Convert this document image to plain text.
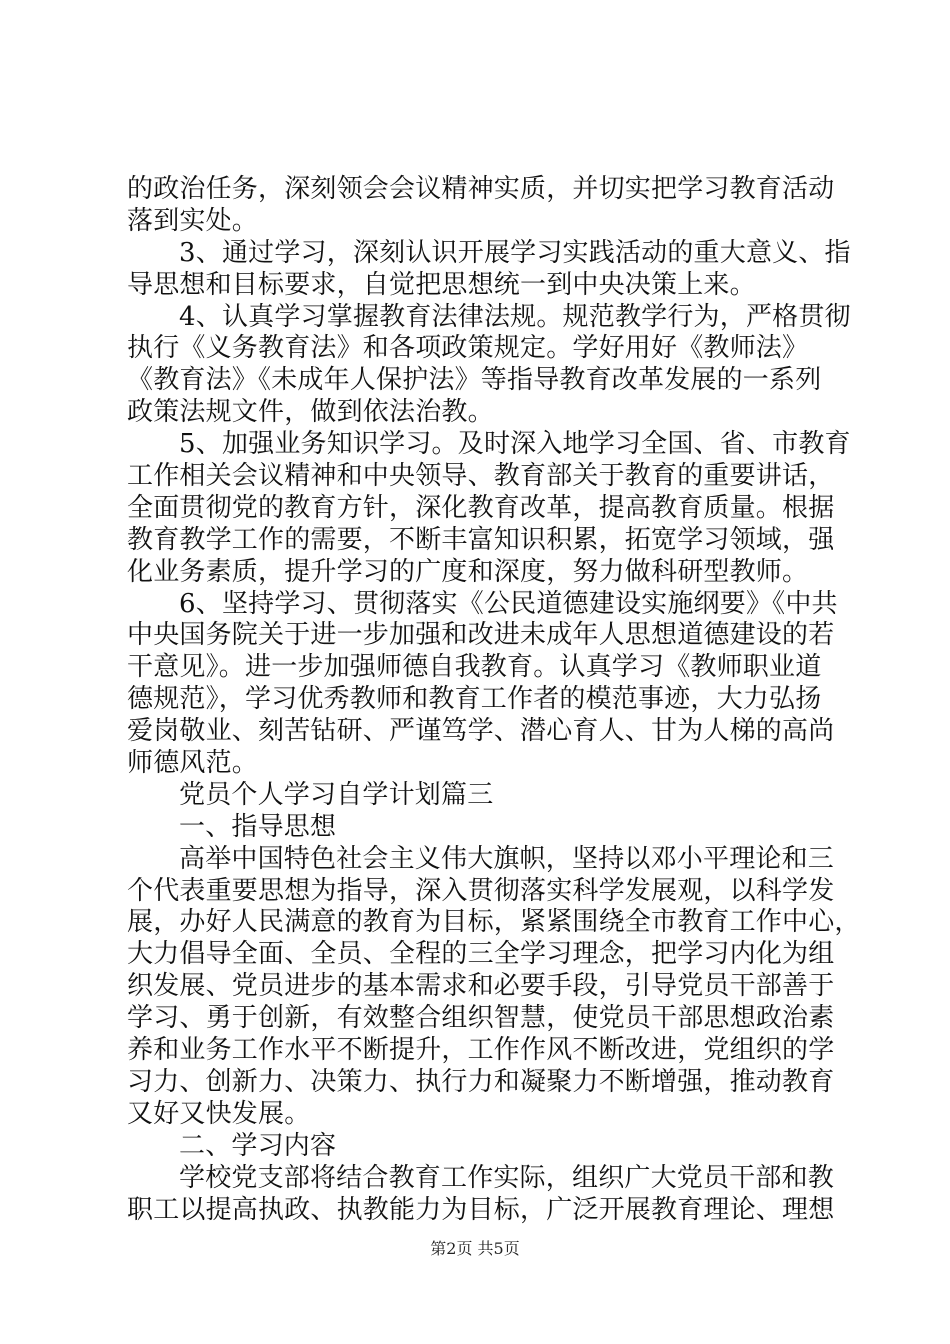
的政治任务，深刻领会会议精神实质，并切实把学习教育活动
落到实处。
3、通过学习，深刻认识开展学习实践活动的重大意义、指
导思想和目标要求，自觉把思想统一到中央决策上来。
4、认真学习掌握教育法律法规。规范教学行为，严格贯彻
执行《义务教育法》和各项政策规定。学好用好《教师法》
《教育法》《未成年人保护法》等指导教育改革发展的一系列
政策法规文件，做到依法治教。
5、加强业务知识学习。及时深入地学习全国、省、市教育
工作相关会议精神和中央领导、教育部关于教育的重要讲话，
全面贯彻党的教育方针，深化教育改革，提高教育质量。根据
教育教学工作的需要，不断丰富知识积累，拓宽学习领域，强
化业务素质，提升学习的广度和深度，努力做科研型教师。
6、坚持学习、贯彻落实《公民道德建设实施纲要》《中共
中央国务院关于进一步加强和改进未成年人思想道德建设的若
干意见》。进一步加强师德自我教育。认真学习《教师职业道
德规范》，学习优秀教师和教育工作者的模范事迹，大力弘扬
爱岗敬业、刻苦钻研、严谨笃学、潜心育人、甘为人梯的高尚
师德风范。
党员个人学习自学计划篇三
一、指导思想
高举中国特色社会主义伟大旗帜，坚持以邓小平理论和三
个代表重要思想为指导，深入贯彻落实科学发展观，以科学发
展，办好人民满意的教育为目标，紧紧围绕全市教育工作中心，
大力倡导全面、全员、全程的三全学习理念，把学习内化为组
织发展、党员进步的基本需求和必要手段，引导党员干部善于
学习、勇于创新，有效整合组织智慧，使党员干部思想政治素
养和业务工作水平不断提升，工作作风不断改进，党组织的学
习力、创新力、决策力、执行力和凝聚力不断增强，推动教育
又好又快发展。
二、学习内容
学校党支部将结合教育工作实际，组织广大党员干部和教
职工以提高执政、执教能力为目标，广泛开展教育理论、理想
第2页 共5页
